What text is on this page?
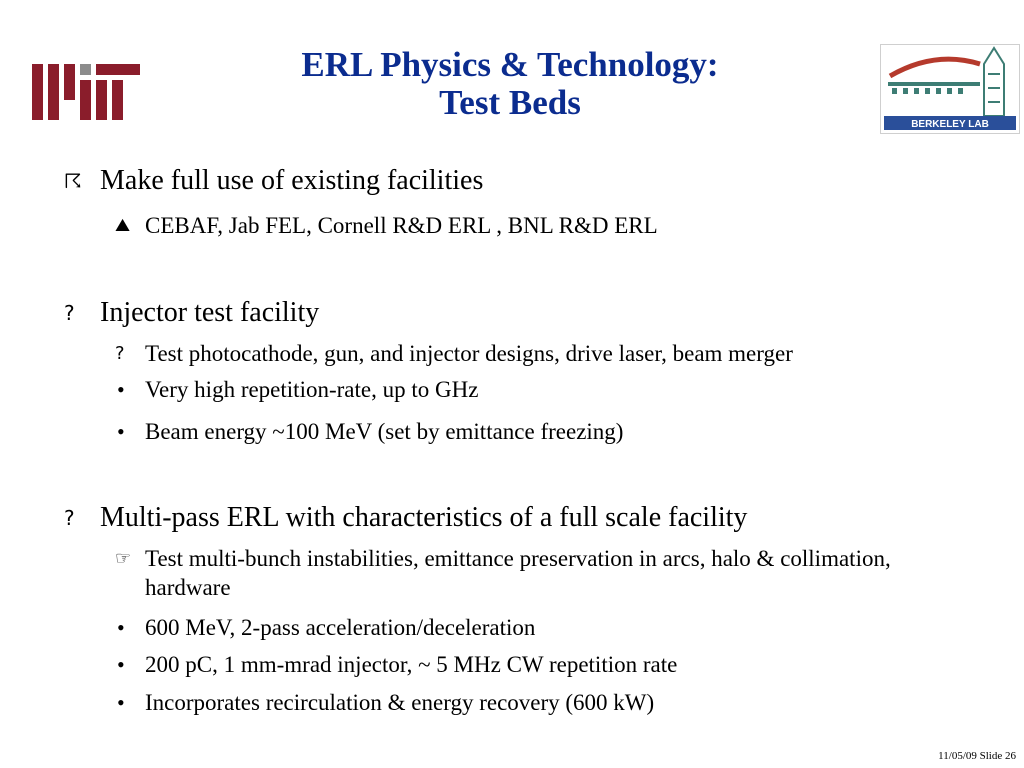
BERKELEY LAB
ERL Physics & Technology:
Test Beds
☈ Make full use of existing facilities
⛰ CEBAF, Jab FEL, Cornell R&D ERL , BNL R&D ERL
? Injector test facility
? Test photocathode, gun, and injector designs, drive laser, beam merger
• Very high repetition-rate, up to GHz
• Beam energy ~100 MeV (set by emittance freezing)
? Multi-pass ERL with characteristics of a full scale facility
☞ Test multi-bunch instabilities, emittance preservation in arcs, halo & collimation, hardware
• 600 MeV, 2-pass acceleration/deceleration
• 200 pC, 1 mm-mrad injector, ~ 5 MHz CW repetition rate
• Incorporates recirculation & energy recovery (600 kW)
11/05/09 Slide 26
